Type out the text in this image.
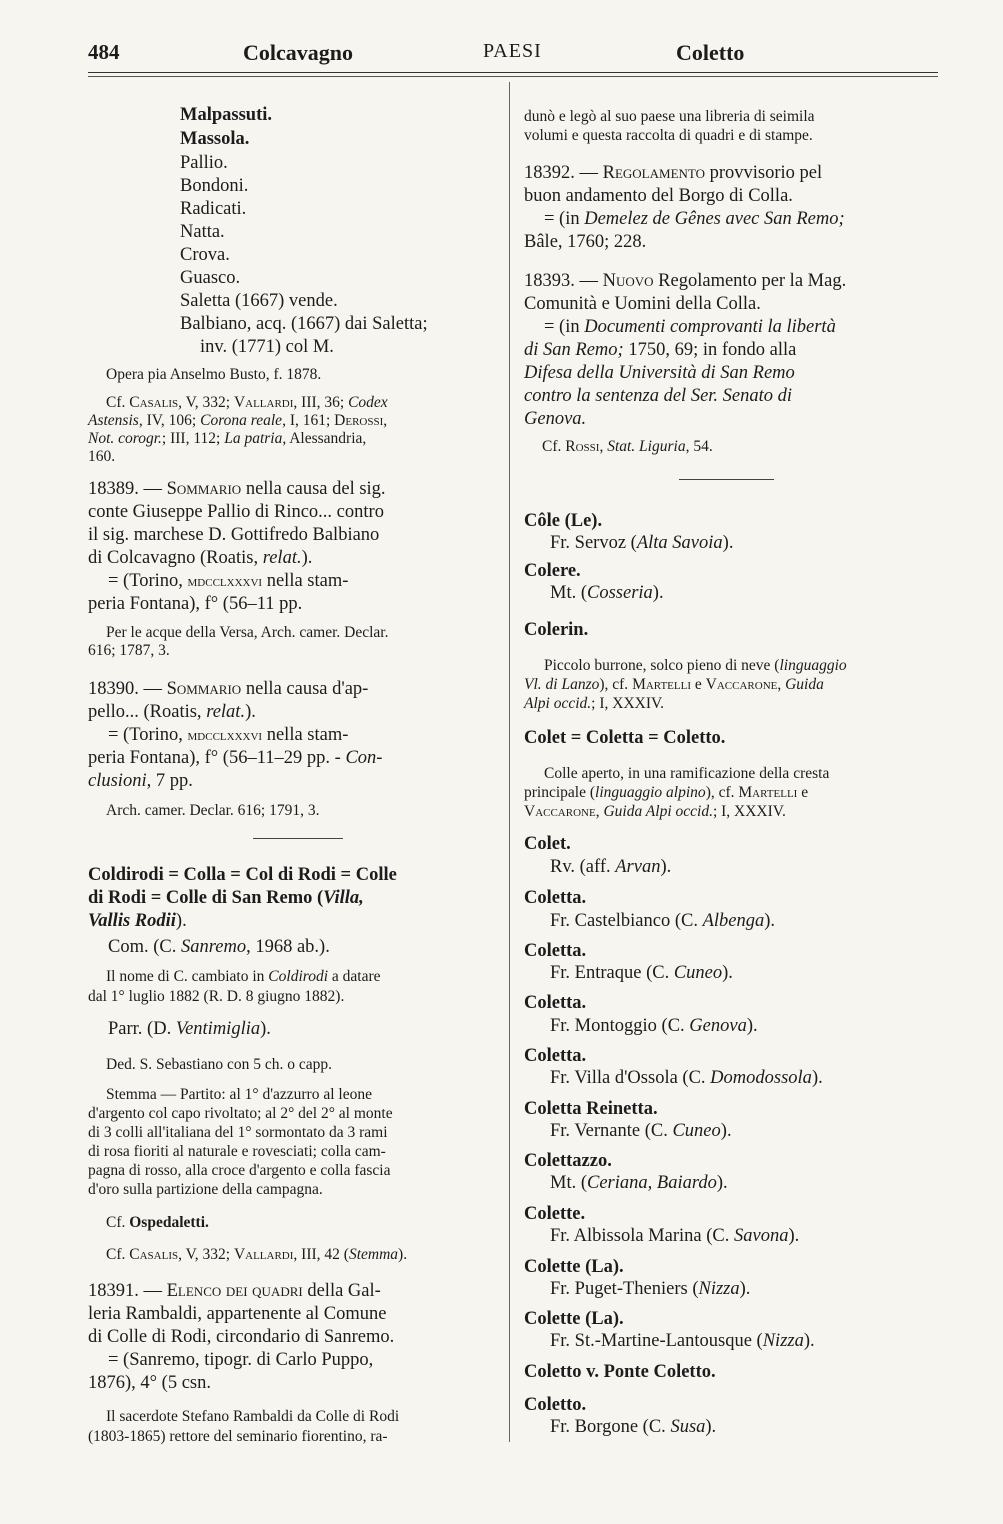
484	Colcavagno	PAESI	Coletto
Malpassuti.
Massola.
Pallio.
Bondoni.
Radicati.
Natta.
Crova.
Guasco.
Saletta (1667) vende.
Balbiano, acq. (1667) dai Saletta;
inv. (1771) col M.
Opera pia Anselmo Busto, f. 1878.
Cf. Casalis, V, 332; Vallardi, III, 36; Codex
Astensis, IV, 106; Corona reale, I, 161; Derossi,
Not. corogr.; III, 112; La patria, Alessandria,
160.
18389. — Sommario nella causa del sig.
conte Giuseppe Pallio di Rinco... contro
il sig. marchese D. Gottifredo Balbiano
di Colcavagno (Roatis, relat.).
= (Torino, mdcclxxxvi nella stam-
peria Fontana), f° (56–11 pp.
Per le acque della Versa, Arch. camer. Declar.
616; 1787, 3.
18390. — Sommario nella causa d'ap-
pello... (Roatis, relat.).
= (Torino, mdcclxxxvi nella stam-
peria Fontana), f° (56–11–29 pp. - Con-
clusioni, 7 pp.
Arch. camer. Declar. 616; 1791, 3.
Coldirodi = Colla = Col di Rodi = Colle
di Rodi = Colle di San Remo (Villa,
Vallis Rodii).
Com. (C. Sanremo, 1968 ab.).
Il nome di C. cambiato in Coldirodi a datare
dal 1° luglio 1882 (R. D. 8 giugno 1882).
Parr. (D. Ventimiglia).
Ded. S. Sebastiano con 5 ch. o capp.
Stemma — Partito: al 1° d'azzurro al leone
d'argento col capo rivoltato; al 2° del 2° al monte
di 3 colli all'italiana del 1° sormontato da 3 rami
di rosa fioriti al naturale e rovesciati; colla cam-
pagna di rosso, alla croce d'argento e colla fascia
d'oro sulla partizione della campagna.
Cf. Ospedaletti.
Cf. Casalis, V, 332; Vallardi, III, 42 (Stemma).
18391. — Elenco dei quadri della Gal-
leria Rambaldi, appartenente al Comune
di Colle di Rodi, circondario di Sanremo.
= (Sanremo, tipogr. di Carlo Puppo,
1876), 4° (5 csn.
Il sacerdote Stefano Rambaldi da Colle di Rodi
(1803-1865) rettore del seminario fiorentino, ra-
dunò e legò al suo paese una libreria di seimila
volumi e questa raccolta di quadri e di stampe.
18392. — Regolamento provvisorio pel
buon andamento del Borgo di Colla.
= (in Demelez de Gênes avec San Remo;
Bâle, 1760; 228.
18393. — Nuovo Regolamento per la Mag.
Comunità e Uomini della Colla.
= (in Documenti comprovanti la libertà
di San Remo; 1750, 69; in fondo alla
Difesa della Università di San Remo
contro la sentenza del Ser. Senato di
Genova.
Cf. Rossi, Stat. Liguria, 54.
Côle (Le).
Fr. Servoz (Alta Savoia).
Colere.
Mt. (Cosseria).
Colerin.
Piccolo burrone, solco pieno di neve (linguaggio
Vl. di Lanzo), cf. Martelli e Vaccarone, Guida
Alpi occid.; I, XXXIV.
Colet = Coletta = Coletto.
Colle aperto, in una ramificazione della cresta
principale (linguaggio alpino), cf. Martelli e
Vaccarone, Guida Alpi occid.; I, XXXIV.
Colet.
Rv. (aff. Arvan).
Coletta.
Fr. Castelbianco (C. Albenga).
Coletta.
Fr. Entraque (C. Cuneo).
Coletta.
Fr. Montoggio (C. Genova).
Coletta.
Fr. Villa d'Ossola (C. Domodossola).
Coletta Reinetta.
Fr. Vernante (C. Cuneo).
Colettazzo.
Mt. (Ceriana, Baiardo).
Colette.
Fr. Albissola Marina (C. Savona).
Colette (La).
Fr. Puget-Theniers (Nizza).
Colette (La).
Fr. St.-Martine-Lantousque (Nizza).
Coletto v. Ponte Coletto.
Coletto.
Fr. Borgone (C. Susa).
